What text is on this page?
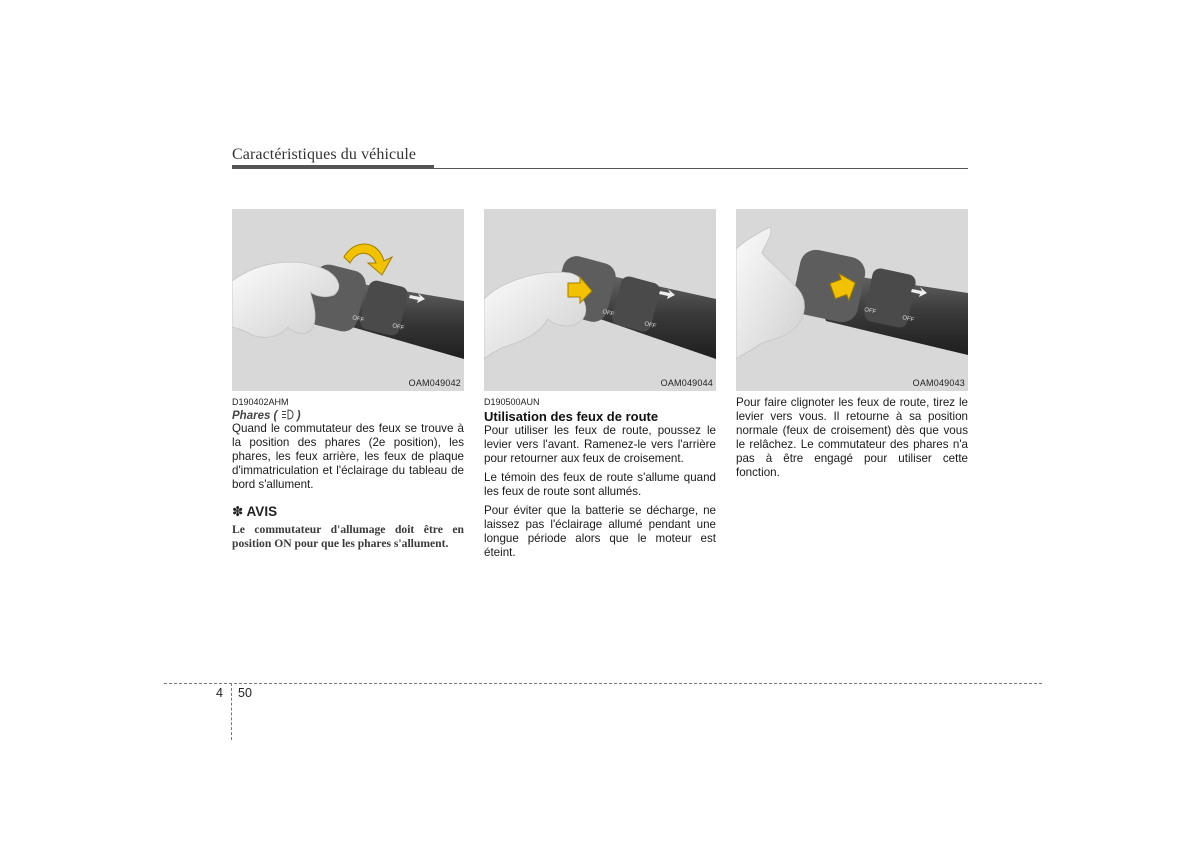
Caractéristiques du véhicule
OFF
OFF
OAM049042
D190402AHM
Phares ( )

Quand le commutateur des feux se trouve à la position des phares (2e position), les phares, les feux arrière, les feux de plaque d'immatriculation et l'éclairage du tableau de bord s'allument.

✽ AVIS
Le commutateur d'allumage doit être en position ON pour que les phares s'allument.
OFF
OFF
OAM049044
D190500AUN
Utilisation des feux de route

Pour utiliser les feux de route, poussez le levier vers l'avant. Ramenez-le vers l'arrière pour retourner aux feux de croisement.

Le témoin des feux de route s'allume quand les feux de route sont allumés.

Pour éviter que la batterie se décharge, ne laissez pas l'éclairage allumé pendant une longue période alors que le moteur est éteint.

OFF
OFF
OAM049043

Pour faire clignoter les feux de route, tirez le levier vers vous. Il retourne à sa position normale (feux de croisement) dès que vous le relâchez. Le commutateur des phares n'a pas à être engagé pour utiliser cette fonction.

4 50
